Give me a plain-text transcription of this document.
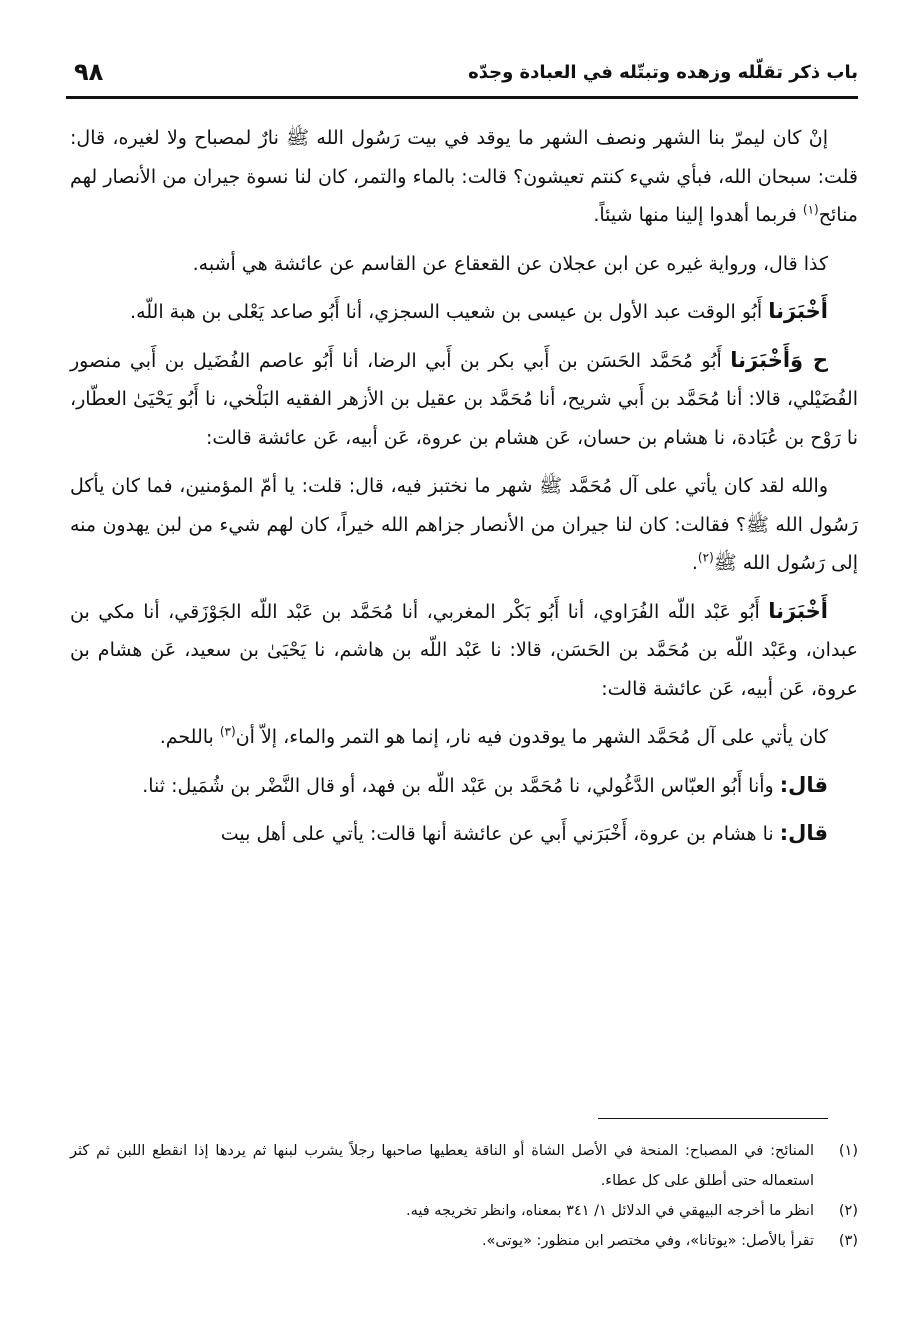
باب ذكر تقلّله وزهده وتبتّله في العبادة وجدّه
٩٨

إنْ كان ليمرّ بنا الشهر ونصف الشهر ما يوقد في بيت رَسُول الله ﷺ نارٌ لمصباح ولا لغيره، قال: قلت: سبحان الله، فبأي شيء كنتم تعيشون؟ قالت: بالماء والتمر، كان لنا نسوة جيران من الأنصار لهم منائح$^{(١)}$ فربما أهدوا إلينا منها شيئاً.

كذا قال، ورواية غيره عن ابن عجلان عن القعقاع عن القاسم عن عائشة هي أشبه.

أَخْبَرَنا أَبُو الوقت عبد الأول بن عيسى بن شعيب السجزي، أنا أَبُو صاعد يَعْلى بن هبة اللّه.

ح وَأَخْبَرَنا أَبُو مُحَمَّد الحَسَن بن أَبي بكر بن أَبي الرضا، أنا أَبُو عاصم الفُضَيل بن أَبي منصور الفُضَيْلي، قالا: أنا مُحَمَّد بن أَبي شريح، أنا مُحَمَّد بن عقيل بن الأزهر الفقيه البَلْخي، نا أَبُو يَحْيَىٰ العطّار، نا رَوْح بن عُبَادة، نا هشام بن حسان، عَن هشام بن عروة، عَن أبيه، عَن عائشة قالت:

والله لقد كان يأتي على آل مُحَمَّد ﷺ شهر ما نختبز فيه، قال: قلت: يا أمّ المؤمنين، فما كان يأكل رَسُول الله ﷺ؟ فقالت: كان لنا جيران من الأنصار جزاهم الله خيراً، كان لهم شيء من لبن يهدون منه إلى رَسُول الله ﷺ$^{(٢)}$.

أَخْبَرَنا أَبُو عَبْد اللّه الفُرَاوي، أنا أَبُو بَكْر المغربي، أنا مُحَمَّد بن عَبْد اللّه الجَوْزَقي، أنا مكي بن عبدان، وعَبْد اللّه بن مُحَمَّد بن الحَسَن، قالا: نا عَبْد اللّه بن هاشم، نا يَحْيَىٰ بن سعيد، عَن هشام بن عروة، عَن أبيه، عَن عائشة قالت:

كان يأتي على آل مُحَمَّد الشهر ما يوقدون فيه نار، إنما هو التمر والماء، إلاّ أن$^{(٣)}$ باللحم.

قال: وأنا أَبُو العبّاس الدَّغُولي، نا مُحَمَّد بن عَبْد اللّه بن فهد، أو قال النَّضْر بن شُمَيل: ثنا.

قال: نا هشام بن عروة، أَخْبَرَني أَبي عن عائشة أنها قالت: يأتي على أهل بيت

(١)
المنائح: في المصباح: المنحة في الأصل الشاة أو الناقة يعطيها صاحبها رجلاً يشرب لبنها ثم يردها إذا انقطع اللبن ثم كثر استعماله حتى أطلق على كل عطاء.

(٢)
انظر ما أخرجه البيهقي في الدلائل ١/ ٣٤١ بمعناه، وانظر تخريجه فيه.

(٣)
تقرأ بالأصل: «يوتانا»، وفي مختصر ابن منظور: «يوتى».
